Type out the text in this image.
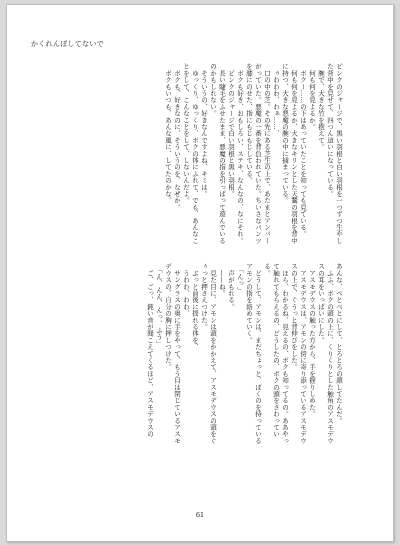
かくれんぼしてないで
ピンクのジャージで、黒い羽根と白い羽根を一つずつ生やした背中を見せて、四つん這いになっている。
　腕で、大きな竹を抱えて。
　何も何を見よるか。
　ボクー……の下はあっていたことを知っても見ている。
　何も何を見よるか、大きなキリンとした天鵞の羽根を背中に持つ、大きな悪魔の腕の中に捕まっている。
　ぅわわわ、わぁ……、
　口の中の芝。その先にある芝生の上で、あたまとアンバーがっていた。悪魔の一番を背負われていた。ちいさなパンツを膝にのせた、指にもじもじしている。
　ボクも好き、おもしろい、ステキ、なんなの、なにそれ。
　ピンクのジャージで白い羽根と黒い羽根。
　長い睫毛をふせたまま、悪魔の指を引っぱって遊んでいるのかもしれない。
　そういうの、好きなんですよね、キミは。
　ゆっくり、ゆっくり、ボクの体にふれて、でも、あんなことをして、こんなことをして、しないんだよ。
　ボクも、好きなのに、そういうのを、なぜか。
　ボクもいつも、あんな風に、してたのかな。
あんな、べとべとにして、とろとろの顔してたんだ。
　ふふ、ボクの頭の上に、くりくりとした触角のアスモデウスの耳をいっぱいにした。
　アスモデウスの触った方から、手を握りしめた。
　アスモデウスは、アモンの傍に寄り添っているアスモデウスの上で、ぐうっと背伸びをした。
　ほら、わかるね、見えるの、ボクも知ってるの。ああやって触れてもらえるの、どうしたの、ボクの頭をさわっている。
　どうして、アモンは、まだちょっと、ぼくのを持っているアモンの指を絡めていく。
　「んっ」
　声がもれる。
　——ね。
　見た目に、アモンは頭をかかえて、アスモデウスの頭をぐぅっと押さえつけた。
　ぶっと前後に揺れる体を、
　うわわ、わわ、
　サングラスの奥に手をやって、もう目は閉じているアスモデウスの、自分の胸に押しつけた。
　「ん、んん、んっ、ふう」
　ご、ごっ、鈍い音が聞こえてくるほど、アスモデウスの
61
